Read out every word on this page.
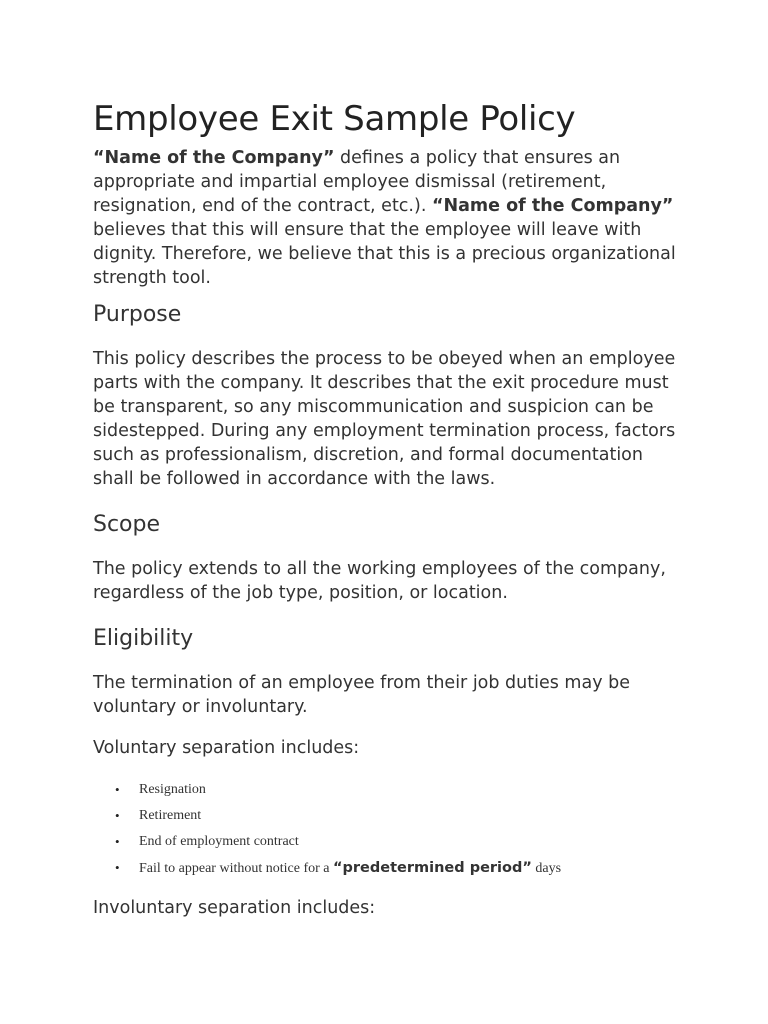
Employee Exit Sample Policy

“Name of the Company” defines a policy that ensures an appropriate and impartial employee dismissal (retirement, resignation, end of the contract, etc.). “Name of the Company” believes that this will ensure that the employee will leave with dignity. Therefore, we believe that this is a precious organizational strength tool.

Purpose

This policy describes the process to be obeyed when an employee parts with the company. It describes that the exit procedure must be transparent, so any miscommunication and suspicion can be sidestepped. During any employment termination process, factors such as professionalism, discretion, and formal documentation shall be followed in accordance with the laws.

Scope

The policy extends to all the working employees of the company, regardless of the job type, position, or location.

Eligibility

The termination of an employee from their job duties may be voluntary or involuntary.

Voluntary separation includes:

• Resignation
• Retirement
• End of employment contract
• Fail to appear without notice for a “predetermined period” days

Involuntary separation includes:
